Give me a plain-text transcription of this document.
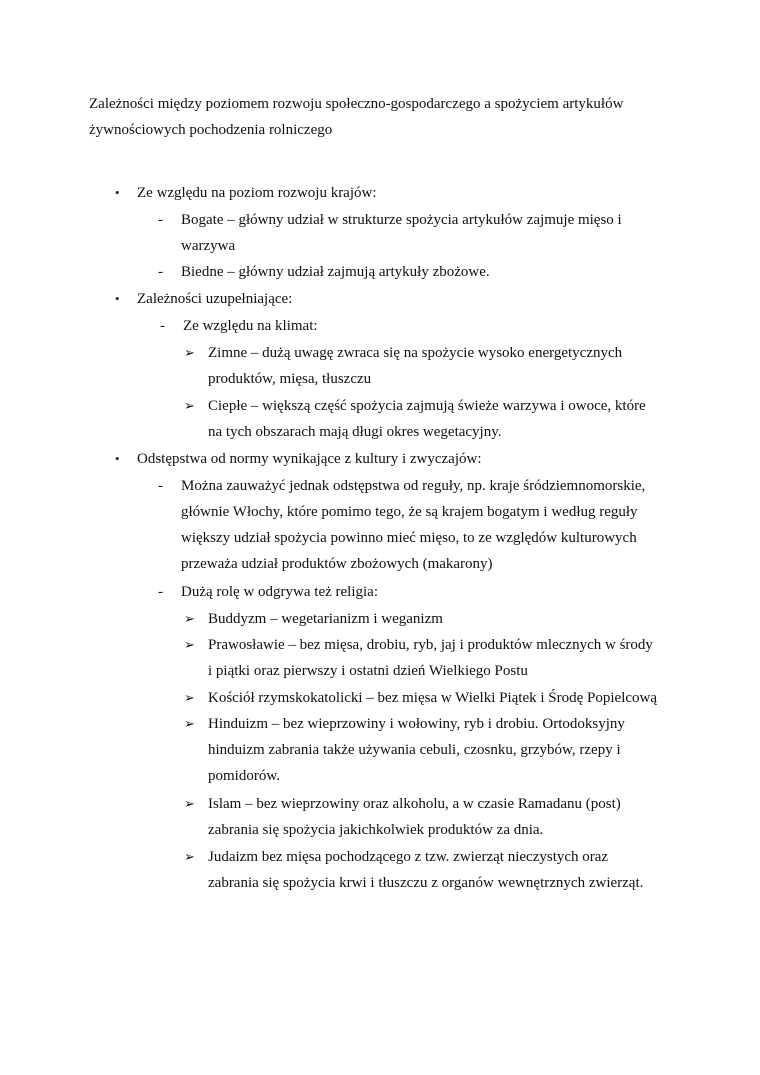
Zależności między poziomem rozwoju społeczno-gospodarczego a spożyciem artykułów
żywnościowych pochodzenia rolniczego
• Ze względu na poziom rozwoju krajów:
- Bogate – główny udział w strukturze spożycia artykułów zajmuje mięso i
warzywa
- Biedne – główny udział zajmują artykuły zbożowe.
• Zależności uzupełniające:
- Ze względu na klimat:
➢ Zimne – dużą uwagę zwraca się na spożycie wysoko energetycznych
produktów, mięsa, tłuszczu
➢ Ciepłe – większą część spożycia zajmują świeże warzywa i owoce, które
na tych obszarach mają długi okres wegetacyjny.
• Odstępstwa od normy wynikające z kultury i zwyczajów:
- Można zauważyć jednak odstępstwa od reguły, np. kraje śródziemnomorskie,
głównie Włochy, które pomimo tego, że są krajem bogatym i według reguły
większy udział spożycia powinno mieć mięso, to ze względów kulturowych
przeważa udział produktów zbożowych (makarony)
- Dużą rolę w odgrywa też religia:
➢ Buddyzm – wegetarianizm i weganizm
➢ Prawosławie – bez mięsa, drobiu, ryb, jaj i produktów mlecznych w środy
i piątki oraz pierwszy i ostatni dzień Wielkiego Postu
➢ Kościół rzymskokatolicki – bez mięsa w Wielki Piątek i Środę Popielcową
➢ Hinduizm – bez wieprzowiny i wołowiny, ryb i drobiu. Ortodoksyjny
hinduizm zabrania także używania cebuli, czosnku, grzybów, rzepy i
pomidorów.
➢ Islam – bez wieprzowiny oraz alkoholu, a w czasie Ramadanu (post)
zabrania się spożycia jakichkolwiek produktów za dnia.
➢ Judaizm bez mięsa pochodzącego z tzw. zwierząt nieczystych oraz
zabrania się spożycia krwi i tłuszczu z organów wewnętrznych zwierząt.
